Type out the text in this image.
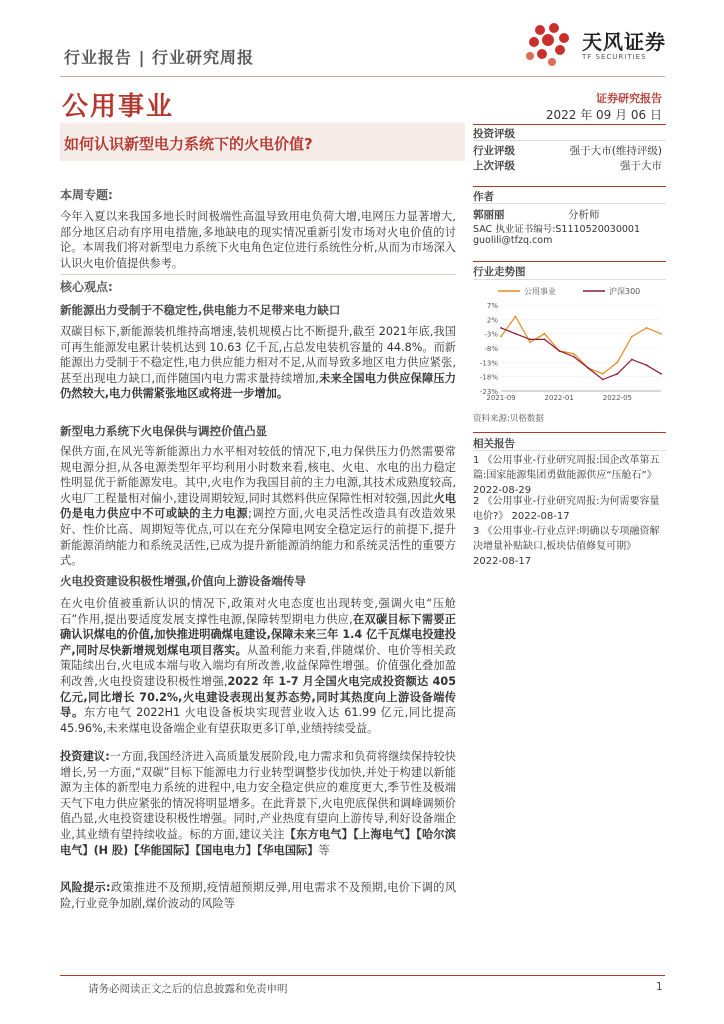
行业报告 | 行业研究周报
天风证券
TF SECURITIES
公用事业	证券研究报告
2022 年 09 月 06 日
如何认识新型电力系统下的火电价值?
本周专题:
今年入夏以来我国多地长时间极端性高温导致用电负荷大增,电网压力显著增大,部分地区启动有序用电措施,多地缺电的现实情况重新引发市场对火电价值的讨论。本周我们将对新型电力系统下火电角色定位进行系统性分析,从而为市场深入认识火电价值提供参考。
核心观点:
新能源出力受制于不稳定性,供电能力不足带来电力缺口
双碳目标下,新能源装机维持高增速,装机规模占比不断提升,截至 2021年底,我国可再生能源发电累计装机达到 10.63 亿千瓦,占总发电装机容量的 44.8%。而新能源出力受制于不稳定性,电力供应能力相对不足,从而导致多地区电力供应紧张,甚至出现电力缺口,而伴随国内电力需求量持续增加,未来全国电力供应保障压力仍然较大,电力供需紧张地区或将进一步增加。
新型电力系统下火电保供与调控价值凸显
保供方面,在风光等新能源出力水平相对较低的情况下,电力保供压力仍然需要常规电源分担,从各电源类型年平均利用小时数来看,核电、火电、水电的出力稳定性明显优于新能源发电。其中,火电作为我国目前的主力电源,其技术成熟度较高,火电厂工程量相对偏小,建设周期较短,同时其燃料供应保障性相对较强,因此火电仍是电力供应中不可或缺的主力电源;调控方面,火电灵活性改造具有改造效果好、性价比高、周期短等优点,可以在充分保障电网安全稳定运行的前提下,提升新能源消纳能力和系统灵活性,已成为提升新能源消纳能力和系统灵活性的重要方式。
火电投资建设积极性增强,价值向上游设备端传导
在火电价值被重新认识的情况下,政策对火电态度也出现转变,强调火电“压舱石”作用,提出要适度发展支撑性电源,保障转型期电力供应,在双碳目标下需要正确认识煤电的价值,加快推进明确煤电建设,保障未来三年 1.4 亿千瓦煤电投建投产,同时尽快新增规划煤电项目落实。从盈利能力来看,伴随煤价、电价等相关政策陆续出台,火电成本端与收入端均有所改善,收益保障性增强。价值强化叠加盈利改善,火电投资建设积极性增强,2022 年 1-7 月全国火电完成投资额达 405 亿元,同比增长 70.2%,火电建设表现出复苏态势,同时其热度向上游设备端传导。东方电气 2022H1 火电设备板块实现营业收入达 61.99 亿元,同比提高 45.96%,未来煤电设备端企业有望获取更多订单,业绩持续受益。
投资建议:一方面,我国经济进入高质量发展阶段,电力需求和负荷将继续保持较快增长,另一方面,“双碳”目标下能源电力行业转型调整步伐加快,并处于构建以新能源为主体的新型电力系统的进程中,电力安全稳定供应的难度更大,季节性及极端天气下电力供应紧张的情况将明显增多。在此背景下,火电兜底保供和调峰调频价值凸显,火电投资建设积极性增强。同时,产业热度有望向上游传导,利好设备端企业,其业绩有望持续收益。标的方面,建议关注【东方电气】【上海电气】【哈尔滨电气】(H 股)【华能国际】【国电电力】【华电国际】等
风险提示:政策推进不及预期,疫情超预期反弹,用电需求不及预期,电价下调的风险,行业竞争加剧,煤价波动的风险等
投资评级
行业评级	强于大市(维持评级)
上次评级	强于大市
作者
郭丽丽	分析师
SAC 执业证书编号:S1110520030001
guolili@tfzq.com
行业走势图
公用事业	沪深300
7%
2%
-3%
-8%
-13%
-18%
-23%
2021-09	2022-01	2022-05
资料来源:贝格数据
相关报告
1 《公用事业-行业研究周报:国企改革第五篇:国家能源集团勇做能源供应“压舱石”》 2022-08-29
2 《公用事业-行业研究周报:为何需要容量电价?》 2022-08-17
3 《公用事业-行业点评:明确以专项融资解决增量补贴缺口,板块估值修复可期》 2022-08-17
请务必阅读正文之后的信息披露和免责申明	1
